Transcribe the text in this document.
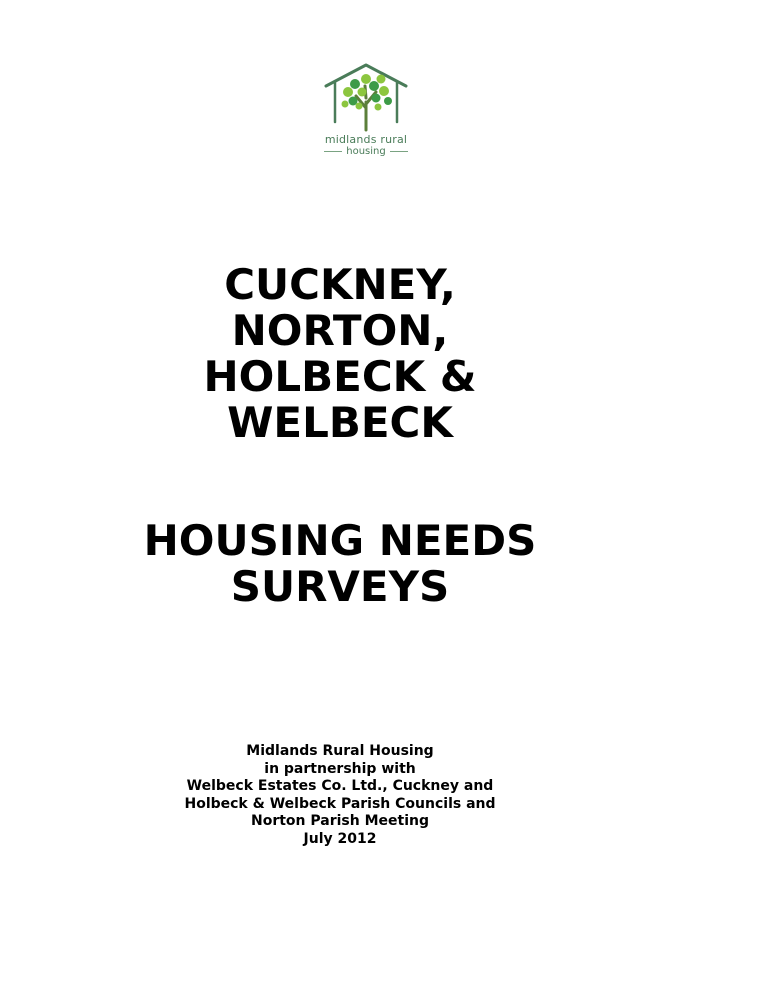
midlands rural
housing
CUCKNEY,
NORTON,
HOLBECK &
WELBECK
HOUSING NEEDS
SURVEYS
Midlands Rural Housing
in partnership with
Welbeck Estates Co. Ltd., Cuckney and
Holbeck & Welbeck Parish Councils and
Norton Parish Meeting
July 2012
